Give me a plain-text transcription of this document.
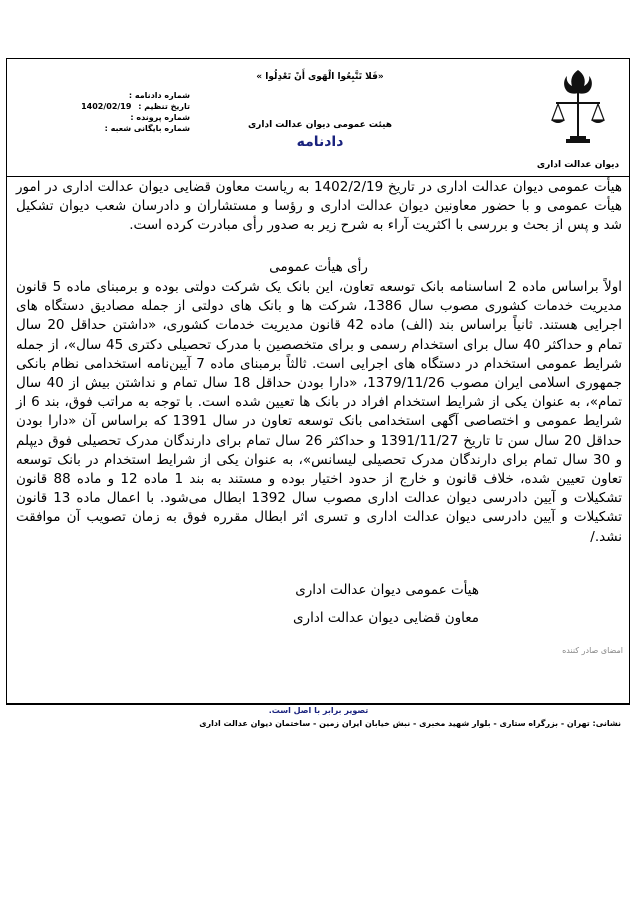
دیوان عدالت اداری
«فَلا تَتَّبِعُوا الْهَوى أَنْ تَعْدِلُوا »
هیئت عمومی دیوان عدالت اداری
دادنامه
شماره دادنامه :
تاریخ تنظیم : 1402/02/19
شماره پرونده :
شماره بایگانی شعبه :

هیأت عمومی دیوان عدالت اداری در تاریخ 1402/2/19 به ریاست معاون قضایی دیوان عدالت اداری در امور هیأت عمومی و با حضور معاونین دیوان عدالت اداری و رؤسا و مستشاران و دادرسان شعب دیوان تشکیل شد و پس از بحث و بررسی با اکثریت آراء به شرح زیر به صدور رأی مبادرت کرده است.

رأی هیأت عمومی

اولاً براساس ماده 2 اساسنامه بانک توسعه تعاون، این بانک یک شرکت دولتی بوده و برمبنای ماده 5 قانون مدیریت خدمات کشوری مصوب سال 1386، شرکت ها و بانک های دولتی از جمله مصادیق دستگاه های اجرایی هستند. ثانیاً براساس بند (الف) ماده 42 قانون مدیریت خدمات کشوری، «داشتن حداقل 20 سال تمام و حداکثر 40 سال برای استخدام رسمی و برای متخصصین با مدرک تحصیلی دکتری 45 سال»، از جمله شرایط عمومی استخدام در دستگاه های اجرایی است. ثالثاً برمبنای ماده 7 آیین‌نامه استخدامی نظام بانکی جمهوری اسلامی ایران مصوب 1379/11/26، «دارا بودن حداقل 18 سال تمام و نداشتن بیش از 40 سال تمام»، به عنوان یکی از شرایط استخدام افراد در بانک ها تعیین شده است. با توجه به مراتب فوق، بند 6 از شرایط عمومی و اختصاصی آگهی استخدامی بانک توسعه تعاون در سال 1391 که براساس آن «دارا بودن حداقل 20 سال سن تا تاریخ 1391/11/27 و حداکثر 26 سال تمام برای دارندگان مدرک تحصیلی فوق دیپلم و 30 سال تمام برای دارندگان مدرک تحصیلی لیسانس»، به عنوان یکی از شرایط استخدام در بانک توسعه تعاون تعیین شده، خلاف قانون و خارج از حدود اختیار بوده و مستند به بند 1 ماده 12 و ماده 88 قانون تشکیلات و آیین دادرسی دیوان عدالت اداری مصوب سال 1392 ابطال می‌شود. با اعمال ماده 13 قانون تشکیلات و آیین دادرسی دیوان عدالت اداری و تسری اثر ابطال مقرره فوق به زمان تصویب آن موافقت نشد./

هیأت عمومی دیوان عدالت اداری
معاون قضایی دیوان عدالت اداری
امضای صادر کننده
تصویر برابر با اصل است.
نشانی: تهران - بزرگراه ستاری - بلوار شهید مخبری - نبش خیابان ایران زمین - ساختمان دیوان عدالت اداری
